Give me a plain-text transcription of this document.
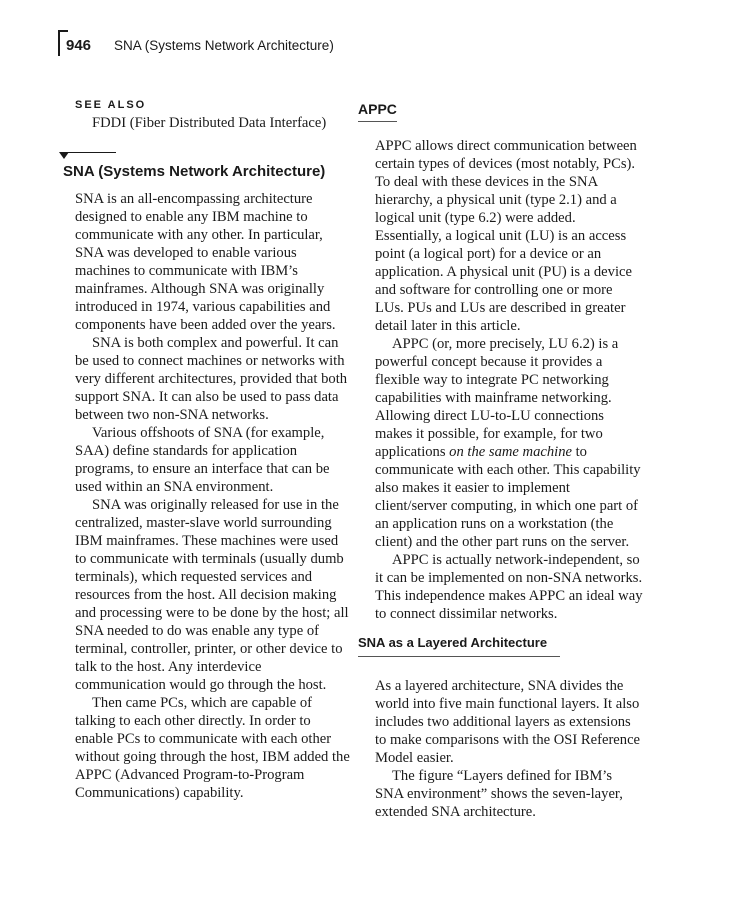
946 SNA (Systems Network Architecture)
SEE ALSO
FDDI (Fiber Distributed Data Interface)
SNA (Systems Network Architecture)

SNA is an all-encompassing architecture designed to enable any IBM machine to communicate with any other. In particular, SNA was developed to enable various machines to communicate with IBM’s mainframes. Although SNA was originally introduced in 1974, various capabilities and components have been added over the years.

SNA is both complex and powerful. It can be used to connect machines or networks with very different architectures, provided that both support SNA. It can also be used to pass data between two non-SNA networks.

Various offshoots of SNA (for example, SAA) define standards for application programs, to ensure an interface that can be used within an SNA environment.

SNA was originally released for use in the centralized, master-slave world surrounding IBM mainframes. These machines were used to communicate with terminals (usually dumb terminals), which requested services and resources from the host. All decision making and processing were to be done by the host; all SNA needed to do was enable any type of terminal, controller, printer, or other device to talk to the host. Any interdevice communication would go through the host.

Then came PCs, which are capable of talking to each other directly. In order to enable PCs to communicate with each other without going through the host, IBM added the APPC (Advanced Program-to-Program Communications) capability.

APPC

APPC allows direct communication between certain types of devices (most notably, PCs). To deal with these devices in the SNA hierarchy, a physical unit (type 2.1) and a logical unit (type 6.2) were added. Essentially, a logical unit (LU) is an access point (a logical port) for a device or an application. A physical unit (PU) is a device and software for controlling one or more LUs. PUs and LUs are described in greater detail later in this article.

APPC (or, more precisely, LU 6.2) is a powerful concept because it provides a flexible way to integrate PC networking capabilities with mainframe networking. Allowing direct LU-to-LU connections makes it possible, for example, for two applications on the same machine to communicate with each other. This capability also makes it easier to implement client/server computing, in which one part of an application runs on a workstation (the client) and the other part runs on the server.

APPC is actually network-independent, so it can be implemented on non-SNA networks. This independence makes APPC an ideal way to connect dissimilar networks.

SNA as a Layered Architecture

As a layered architecture, SNA divides the world into five main functional layers. It also includes two additional layers as extensions to make comparisons with the OSI Reference Model easier.

The figure “Layers defined for IBM’s SNA environment” shows the seven-layer, extended SNA architecture.
